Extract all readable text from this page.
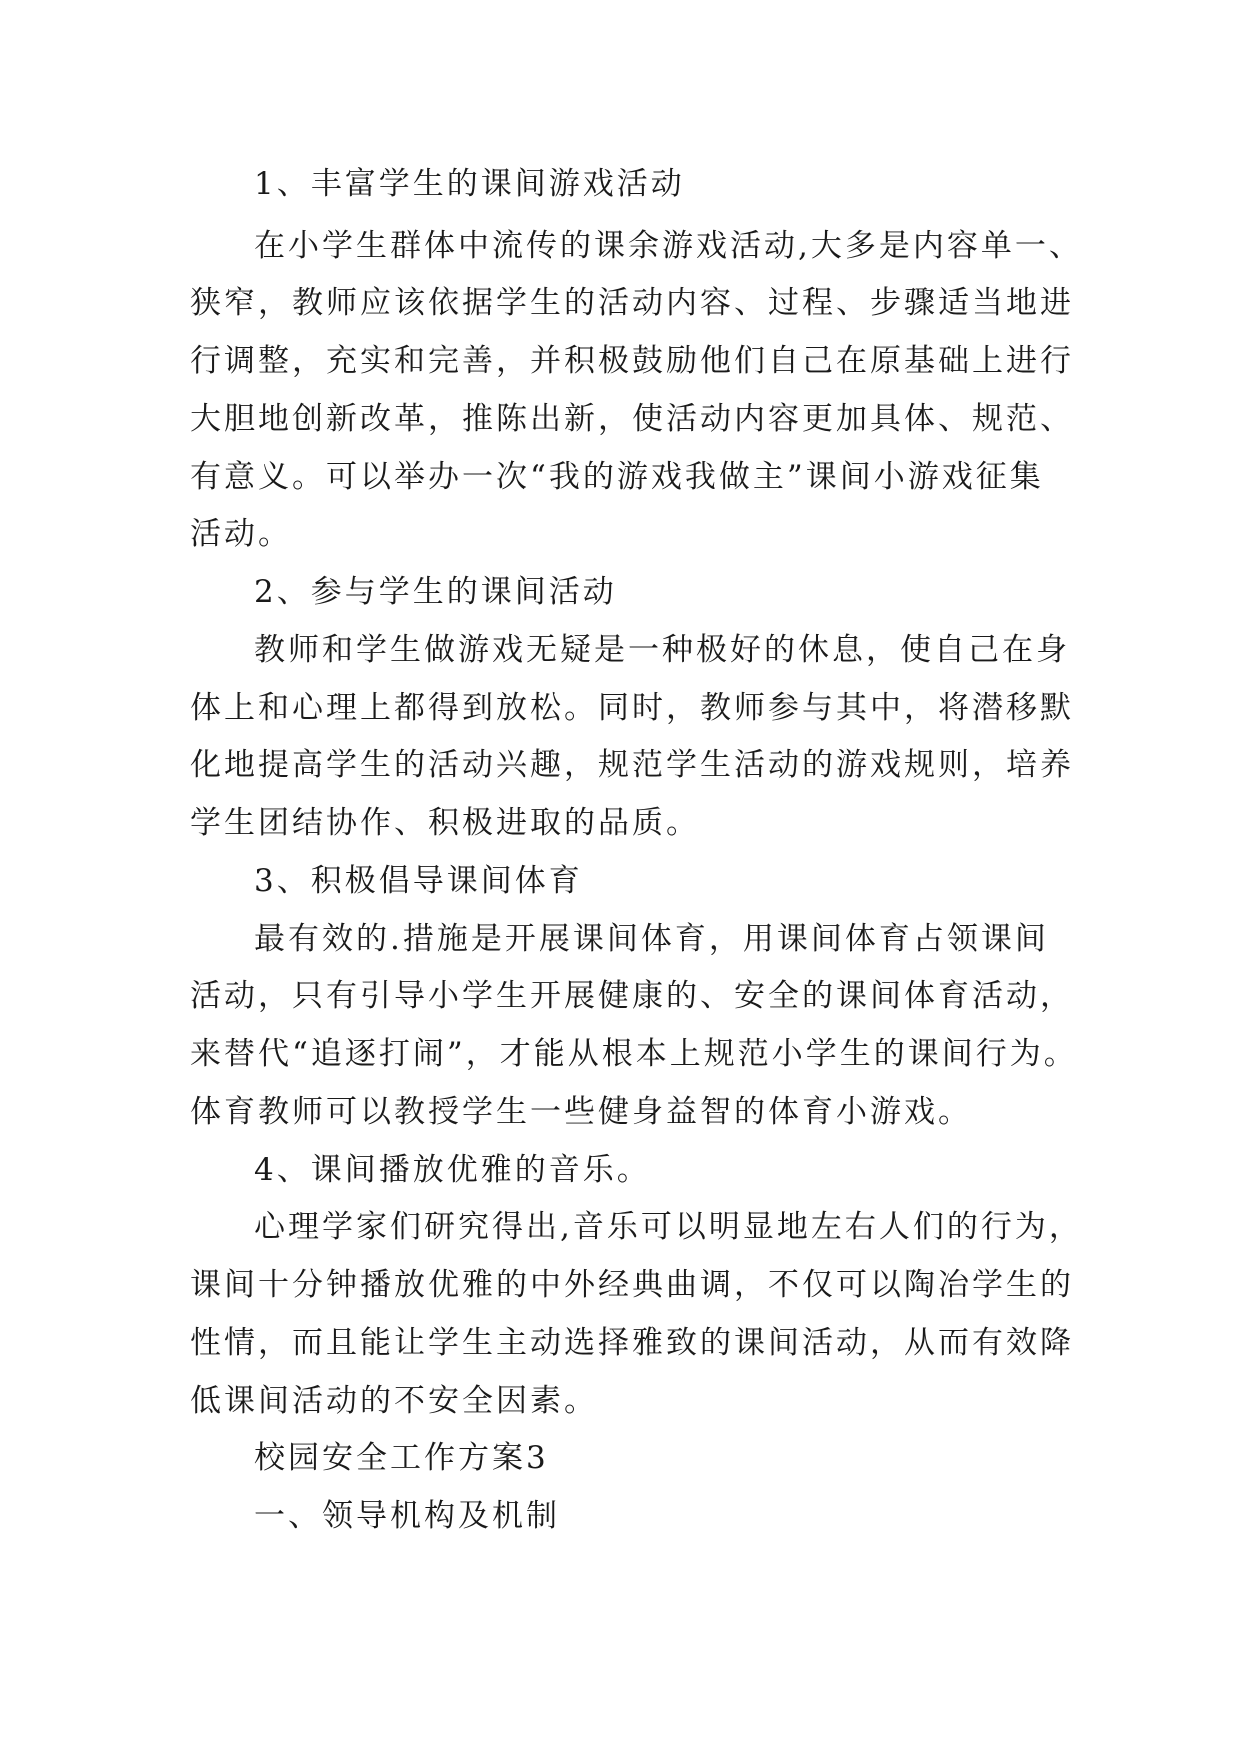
1、丰富学生的课间游戏活动
在小学生群体中流传的课余游戏活动,大多是内容单一、
狭窄，教师应该依据学生的活动内容、过程、步骤适当地进
行调整，充实和完善，并积极鼓励他们自己在原基础上进行
大胆地创新改革，推陈出新，使活动内容更加具体、规范、
有意义。可以举办一次“我的游戏我做主”课间小游戏征集
活动。
2、参与学生的课间活动
教师和学生做游戏无疑是一种极好的休息，使自己在身
体上和心理上都得到放松。同时，教师参与其中，将潜移默
化地提高学生的活动兴趣，规范学生活动的游戏规则，培养
学生团结协作、积极进取的品质。
3、积极倡导课间体育
最有效的.措施是开展课间体育，用课间体育占领课间
活动，只有引导小学生开展健康的、安全的课间体育活动，
来替代“追逐打闹”，才能从根本上规范小学生的课间行为。
体育教师可以教授学生一些健身益智的体育小游戏。
4、课间播放优雅的音乐。
心理学家们研究得出,音乐可以明显地左右人们的行为，
课间十分钟播放优雅的中外经典曲调，不仅可以陶冶学生的
性情，而且能让学生主动选择雅致的课间活动，从而有效降
低课间活动的不安全因素。
校园安全工作方案3
一、领导机构及机制
